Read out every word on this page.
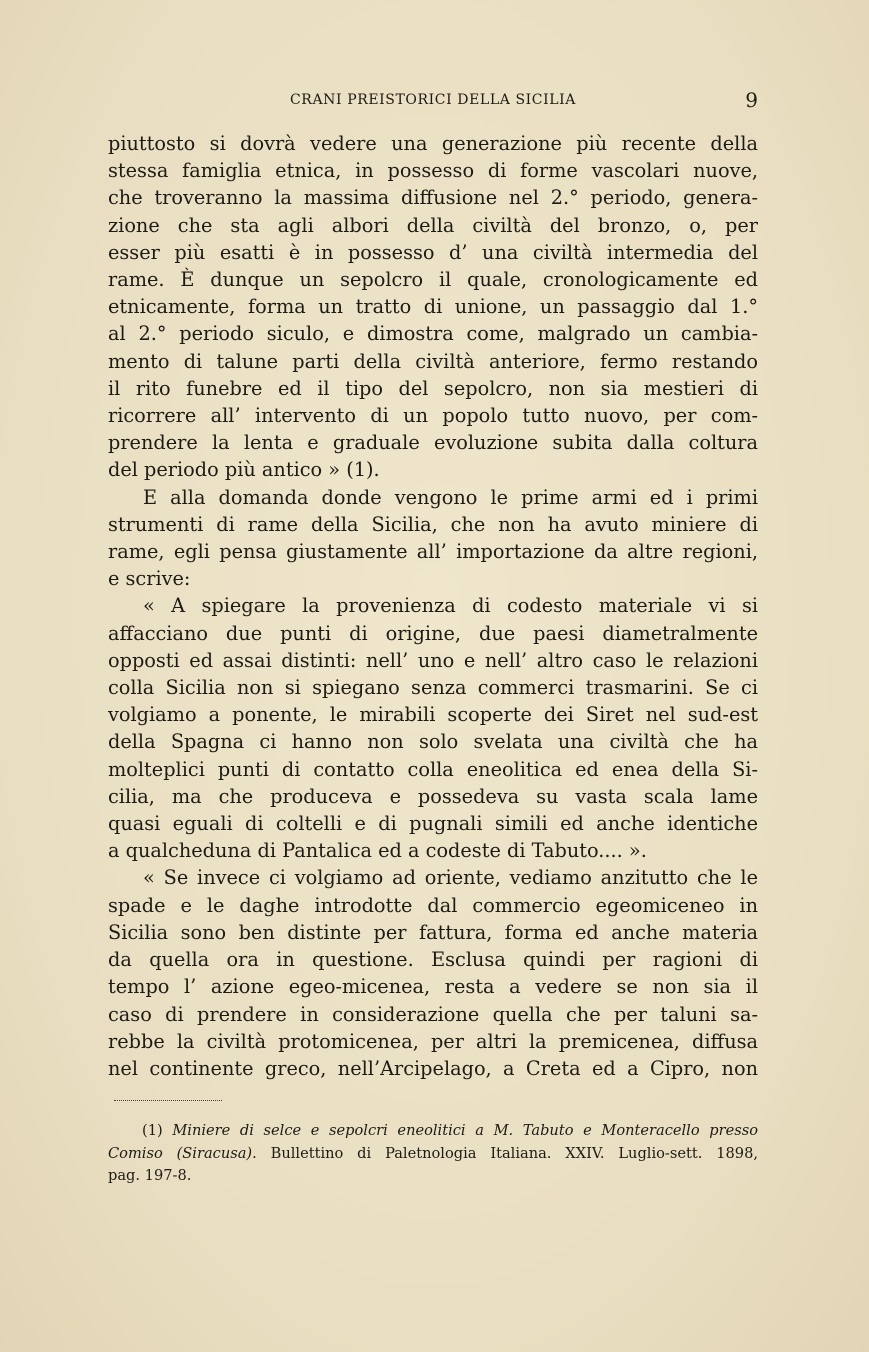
CRANI PREISTORICI DELLA SICILIA	9
piuttosto si dovrà vedere una generazione più recente della
stessa famiglia etnica, in possesso di forme vascolari nuove,
che troveranno la massima diffusione nel 2.° periodo, genera-
zione che sta agli albori della civiltà del bronzo, o, per
esser più esatti è in possesso d’ una civiltà intermedia del
rame. È dunque un sepolcro il quale, cronologicamente ed
etnicamente, forma un tratto di unione, un passaggio dal 1.°
al 2.° periodo siculo, e dimostra come, malgrado un cambia-
mento di talune parti della civiltà anteriore, fermo restando
il rito funebre ed il tipo del sepolcro, non sia mestieri di
ricorrere all’ intervento di un popolo tutto nuovo, per com-
prendere la lenta e graduale evoluzione subita dalla coltura
del periodo più antico » (1).
E alla domanda donde vengono le prime armi ed i primi
strumenti di rame della Sicilia, che non ha avuto miniere di
rame, egli pensa giustamente all’ importazione da altre regioni,
e scrive:
« A spiegare la provenienza di codesto materiale vi si
affacciano due punti di origine, due paesi diametralmente
opposti ed assai distinti: nell’ uno e nell’ altro caso le relazioni
colla Sicilia non si spiegano senza commerci trasmarini. Se ci
volgiamo a ponente, le mirabili scoperte dei Siret nel sud-est
della Spagna ci hanno non solo svelata una civiltà che ha
molteplici punti di contatto colla eneolitica ed enea della Si-
cilia, ma che produceva e possedeva su vasta scala lame
quasi eguali di coltelli e di pugnali simili ed anche identiche
a qualcheduna di Pantalica ed a codeste di Tabuto.... ».
« Se invece ci volgiamo ad oriente, vediamo anzitutto che le
spade e le daghe introdotte dal commercio egeomiceneo in
Sicilia sono ben distinte per fattura, forma ed anche materia
da quella ora in questione. Esclusa quindi per ragioni di
tempo l’ azione egeo-micenea, resta a vedere se non sia il
caso di prendere in considerazione quella che per taluni sa-
rebbe la civiltà protomicenea, per altri la premicenea, diffusa
nel continente greco, nell’Arcipelago, a Creta ed a Cipro, non
(1) Miniere di selce e sepolcri eneolitici a M. Tabuto e Monteracello presso
Comiso (Siracusa). Bullettino di Paletnologia Italiana. XXIV. Luglio-sett. 1898,
pag. 197-8.
